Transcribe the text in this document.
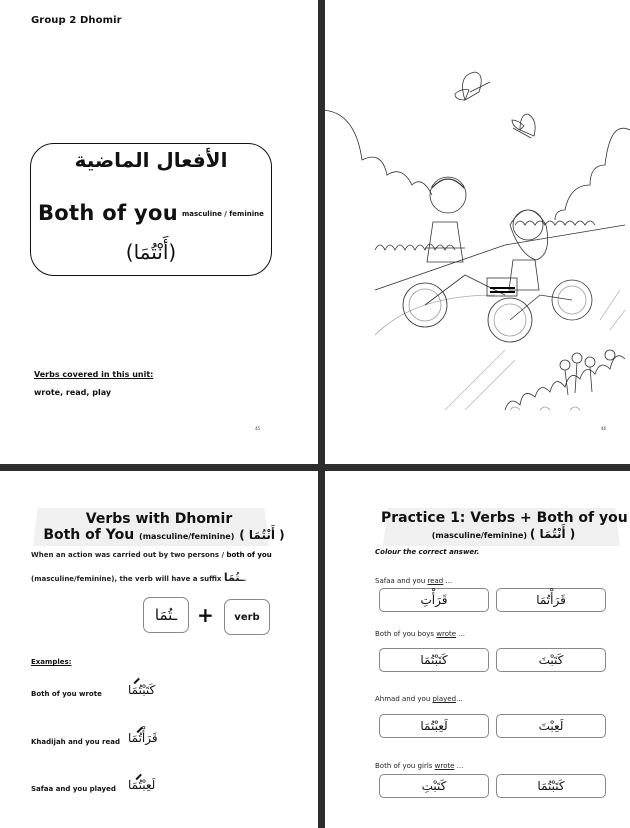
Group 2 Dhomir
الأفعال الماضية
Both of you $^{masculine / feminine}$
(أَنْتُمَا)
Verbs covered in this unit:
wrote, read, play
45	46
Verbs with Dhomir
Both of You (masculine/feminine) ( أَنْتُمَا )
When an action was carried out by two persons / both of you
(masculine/feminine), the verb will have a suffix ـتُمَا.
ـتُمَا +	verb
Examples:
Both of you wrote كَتَبْتُمَا
Khadijah and you read قَرَأْتُمَا
Safaa and you played لَعِبْتُمَا
Practice 1: Verbs + Both of you
(masculine/feminine) ( أَنْتُمَا )
Colour the correct answer.
Safaa and you read ...
قَرَأْتِ	قَرَأْتُمَا
Both of you boys wrote ...
كَتَبْتُمَا	كَتَبْتَ
Ahmad and you played...
لَعِبْتُمَا	لَعِبْتَ
Both of you girls wrote ...
كَتَبْتِ	كَتَبْتُمَا
